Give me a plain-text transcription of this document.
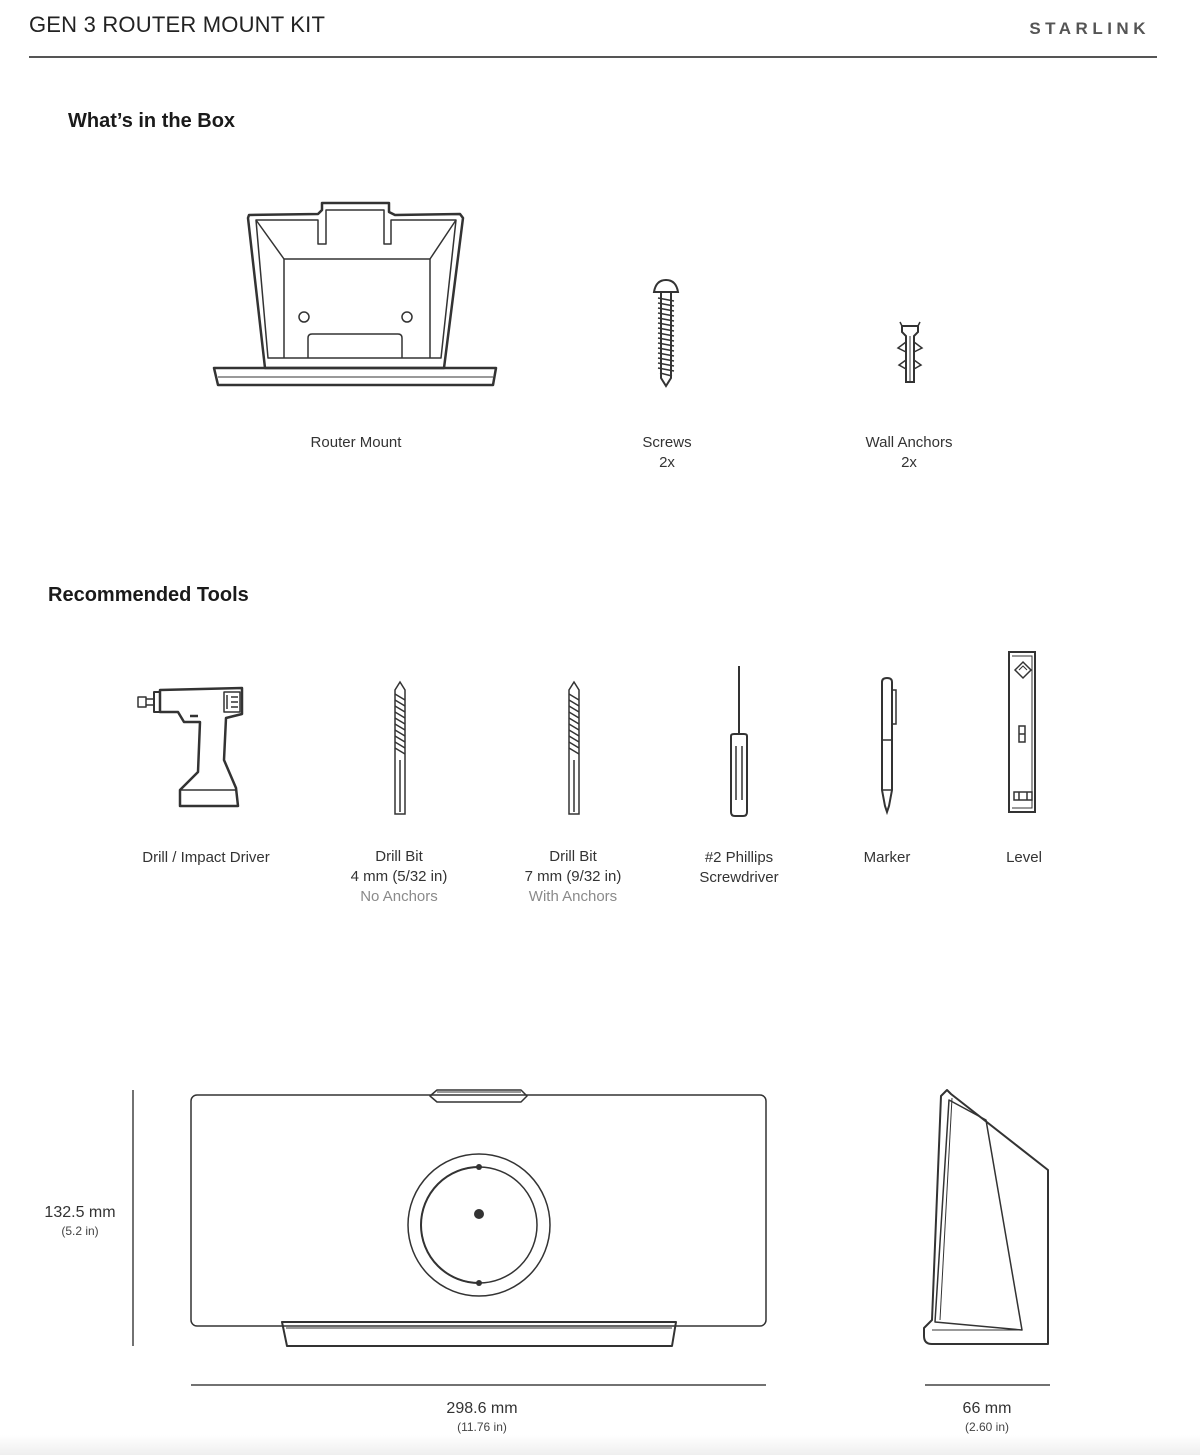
GEN 3 ROUTER MOUNT KIT	STARLINK
What’s in the Box
Router Mount	Screws
2x
Wall Anchors
2x
Recommended Tools
Drill / Impact Driver	Drill Bit
4 mm (5/32 in)
No Anchors
Drill Bit
7 mm (9/32 in)
With Anchors
#2 Phillips
Screwdriver
Marker	Level
132.5 mm
(5.2 in)
298.6 mm
(11.76 in)
66 mm
(2.60 in)
